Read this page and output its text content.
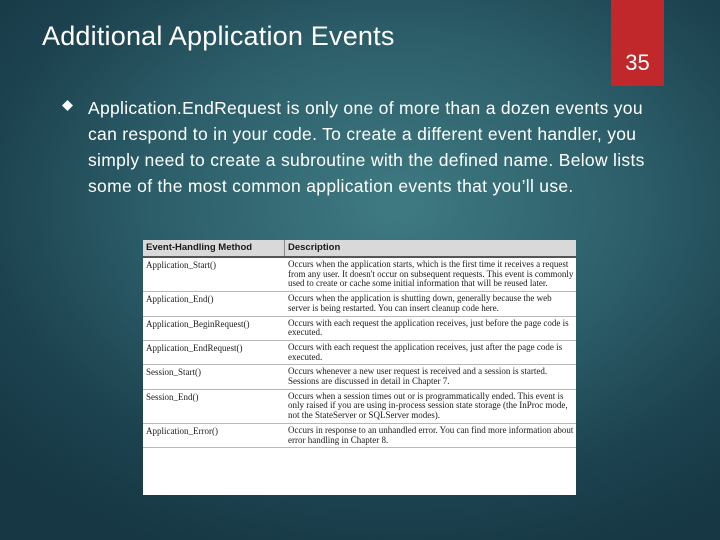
Additional Application Events
35
Application.EndRequest is only one of more than a dozen events you can respond to in your code. To create a different event handler, you simply need to create a subroutine with the defined name. Below lists some of the most common application events that you’ll use.
Event-Handling Method	Description
Application_Start()	Occurs when the application starts, which is the first time it receives a request from any user. It doesn't occur on subsequent requests. This event is commonly used to create or cache some initial information that will be reused later.
Application_End()	Occurs when the application is shutting down, generally because the web server is being restarted. You can insert cleanup code here.
Application_BeginRequest()	Occurs with each request the application receives, just before the page code is executed.
Application_EndRequest()	Occurs with each request the application receives, just after the page code is executed.
Session_Start()	Occurs whenever a new user request is received and a session is started. Sessions are discussed in detail in Chapter 7.
Session_End()	Occurs when a session times out or is programmatically ended. This event is only raised if you are using in-process session state storage (the InProc mode, not the StateServer or SQLServer modes).
Application_Error()	Occurs in response to an unhandled error. You can find more information about error handling in Chapter 8.
